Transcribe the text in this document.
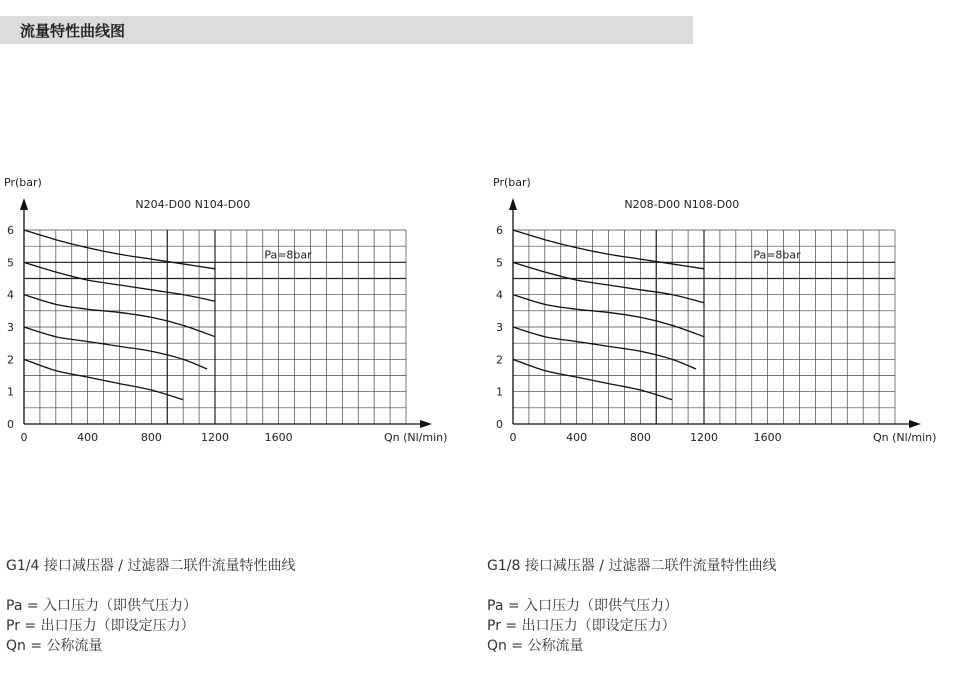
流量特性曲线图
Pr(bar)
Qn (Nl/min)
N204-D00 N104-D00
Pa=8bar
0
1
2
3
4
5
6
0	400	800	1200	1600
Pr(bar)
Qn (Nl/min)
N208-D00 N108-D00
Pa=8bar
0
1
2
3
4
5
6
0	400	800	1200	1600
G1/4 接口减压器 / 过滤器二联件流量特性曲线
Pa = 入口压力（即供气压力）
Pr = 出口压力（即设定压力）
Qn = 公称流量
G1/8 接口减压器 / 过滤器二联件流量特性曲线
Pa = 入口压力（即供气压力）
Pr = 出口压力（即设定压力）
Qn = 公称流量
